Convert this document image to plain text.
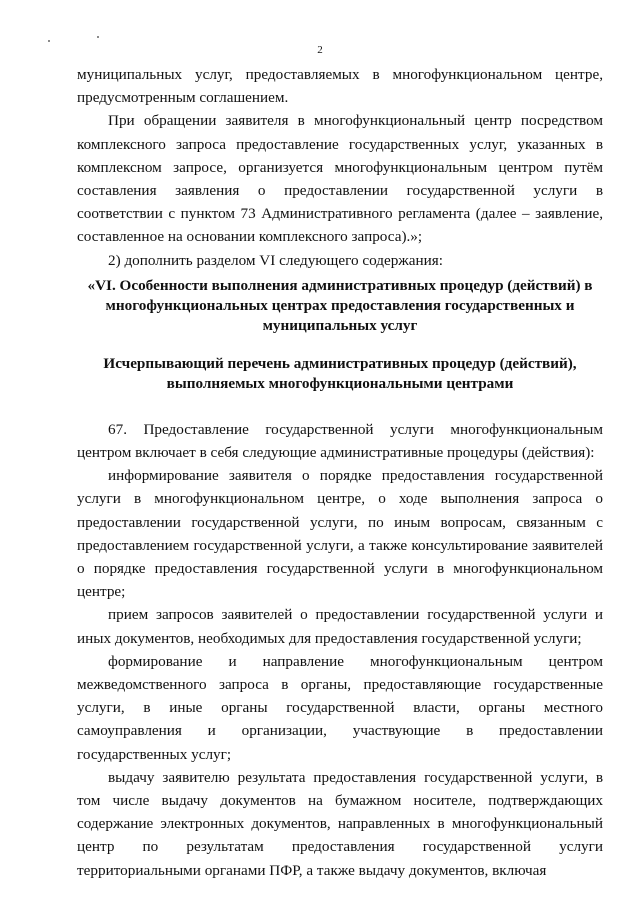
2

муниципальных услуг, предоставляемых в многофункциональном центре, предусмотренным соглашением.

При обращении заявителя в многофункциональный центр посредством комплексного запроса предоставление государственных услуг, указанных в комплексном запросе, организуется многофункциональным центром путём составления заявления о предоставлении государственной услуги в соответствии с пунктом 73 Административного регламента (далее – заявление, составленное на основании комплексного запроса).»;

2) дополнить разделом VI следующего содержания:

«VI. Особенности выполнения административных процедур (действий) в многофункциональных центрах предоставления государственных и муниципальных услуг

Исчерпывающий перечень административных процедур (действий), выполняемых многофункциональными центрами

67. Предоставление государственной услуги многофункциональным центром включает в себя следующие административные процедуры (действия):

информирование заявителя о порядке предоставления государственной услуги в многофункциональном центре, о ходе выполнения запроса о предоставлении государственной услуги, по иным вопросам, связанным с предоставлением государственной услуги, а также консультирование заявителей о порядке предоставления государственной услуги в многофункциональном центре;

прием запросов заявителей о предоставлении государственной услуги и иных документов, необходимых для предоставления государственной услуги;

формирование и направление многофункциональным центром межведомственного запроса в органы, предоставляющие государственные услуги, в иные органы государственной власти, органы местного самоуправления и организации, участвующие в предоставлении государственных услуг;

выдачу заявителю результата предоставления государственной услуги, в том числе выдачу документов на бумажном носителе, подтверждающих содержание электронных документов, направленных в многофункциональный центр по результатам предоставления государственной услуги территориальными органами ПФР, а также выдачу документов, включая
